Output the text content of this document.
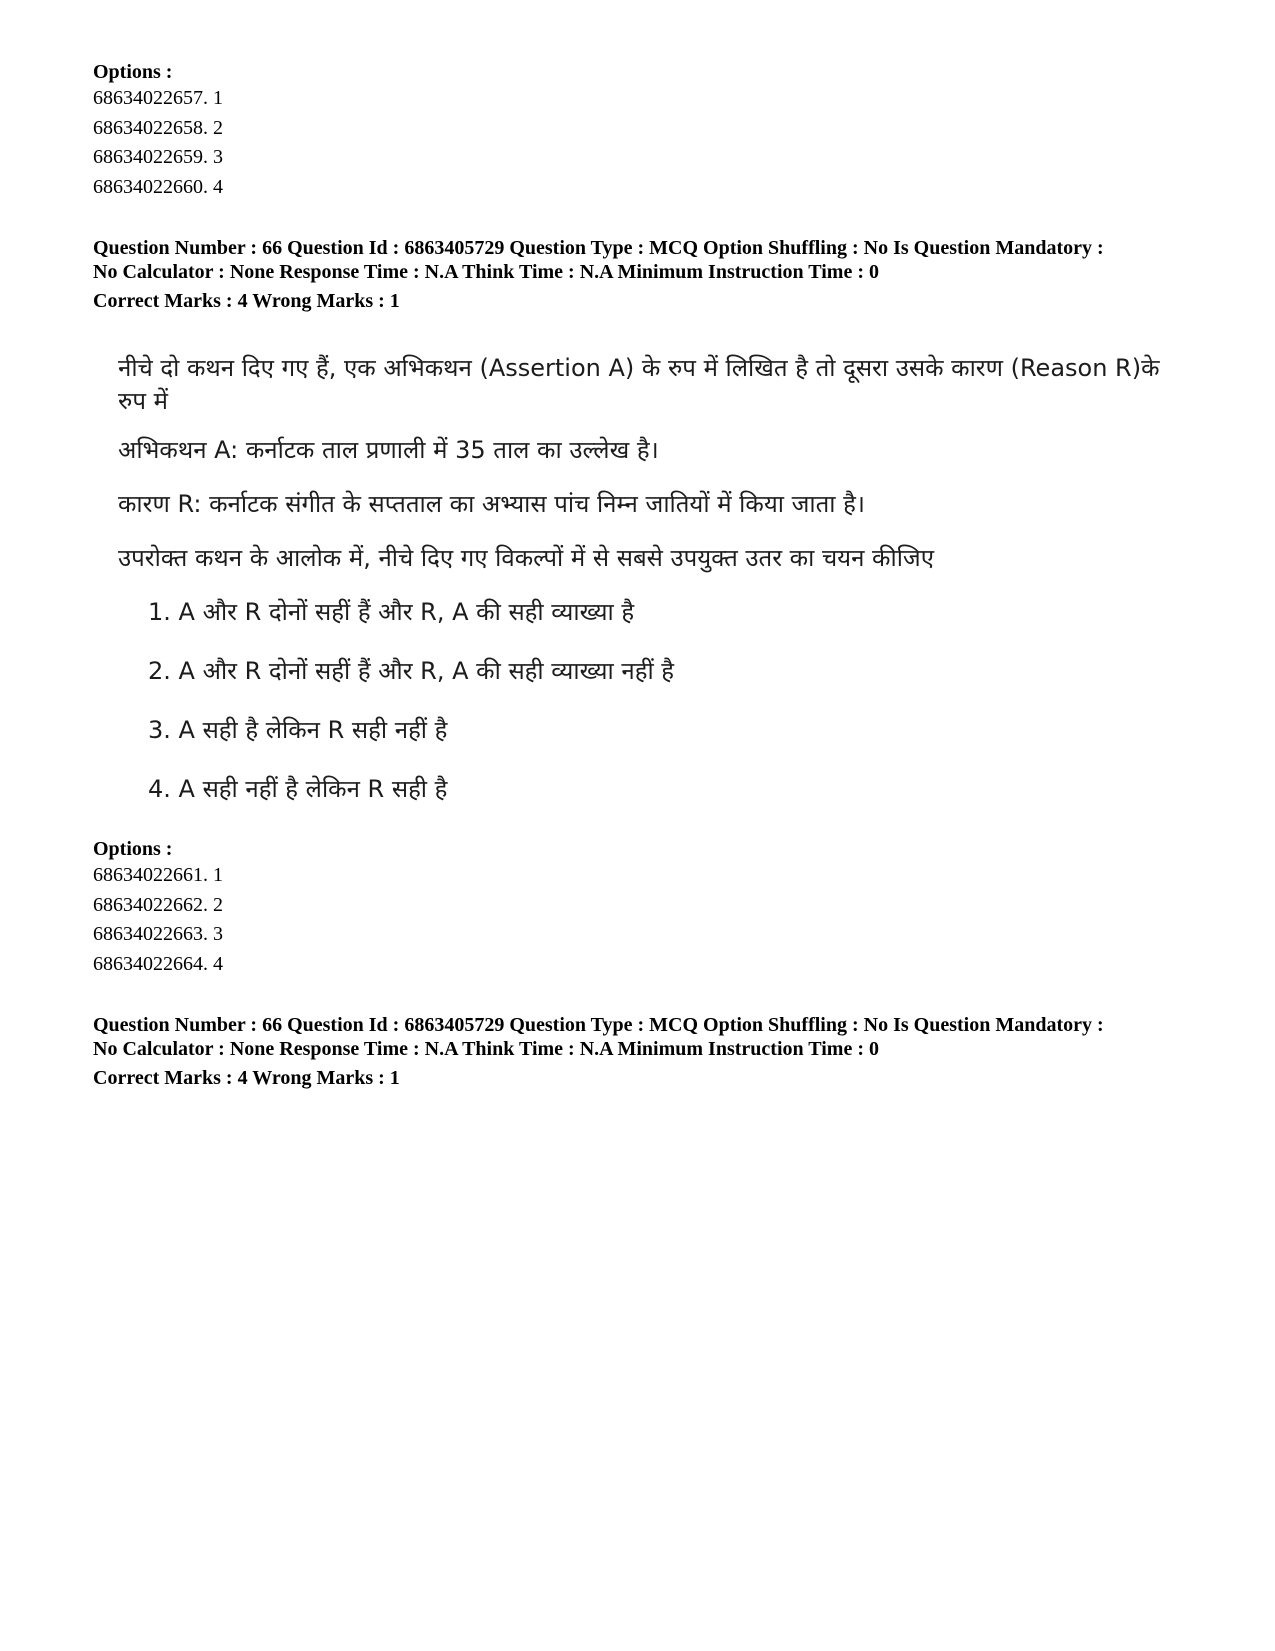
Options :
68634022657. 1
68634022658. 2
68634022659. 3
68634022660. 4
Question Number : 66 Question Id : 6863405729 Question Type : MCQ Option Shuffling : No Is Question Mandatory :
No Calculator : None Response Time : N.A Think Time : N.A Minimum Instruction Time : 0
Correct Marks : 4 Wrong Marks : 1

नीचे दो कथन दिए गए हैं, एक अभिकथन (Assertion A) के रुप में लिखित है तो दूसरा उसके कारण (Reason R)के रुप में

अभिकथन A: कर्नाटक ताल प्रणाली में 35 ताल का उल्लेख है।

कारण R: कर्नाटक संगीत के सप्तताल का अभ्यास पांच निम्न जातियों में किया जाता है।

उपरोक्त कथन के आलोक में, नीचे दिए गए विकल्पों में से सबसे उपयुक्त उतर का चयन कीजिए

1. A और R दोनों सहीं हैं और R, A की सही व्याख्या है
2. A और R दोनों सहीं हैं और R, A की सही व्याख्या नहीं है
3. A सही है लेकिन R सही नहीं है
4. A सही नहीं है लेकिन R सही है
Options :
68634022661. 1
68634022662. 2
68634022663. 3
68634022664. 4
Question Number : 66 Question Id : 6863405729 Question Type : MCQ Option Shuffling : No Is Question Mandatory :
No Calculator : None Response Time : N.A Think Time : N.A Minimum Instruction Time : 0
Correct Marks : 4 Wrong Marks : 1
